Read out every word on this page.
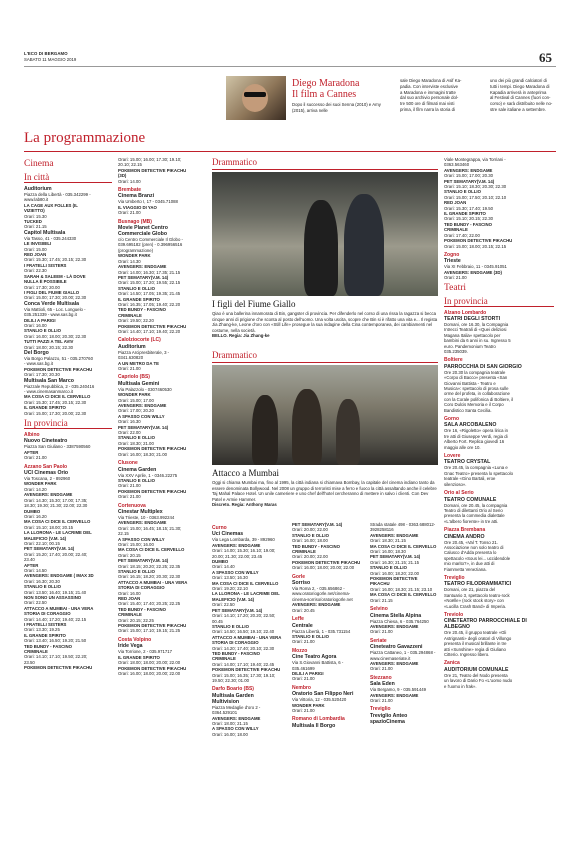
L'ECO DI BERGAMO
SABATO 11 MAGGIO 2019	65
Diego Maradona
Il film a Cannes
Dopo il successo dei suoi Senna (2010) e Amy (2015), arriva nelle
sale Diego Maradona di Asif Ka-
padia. Con interviste esclusive
a Maradona e immagini tratte
dal suo archivio personale dol-
tre 500 ore di filmati mai visti
prima, il film narra la storia di
uno dei più grandi calciatori di
tutti i tempi. Diego Maradona di
Kapadia arriverà in anteprima
al Festival di Cannes (fuori con-
corso) e sarà distribuito nelle no-
stre sale italiane a settembre.
La programmazione
Cinema
In città
Auditorium
Piazza della Libertà - 035.342299 -
www.lab80.it
LA CAGE AUX FOLLES (IL
VIZIETTO)
Orari: 15.30
TUCKED
Orari: 21.15
Capitol Multisala
Via Tasso, 41 - 035.244330
LE INVISIBILI
Orari: 15.00
RED JOAN
Orari: 15.30; 17.45; 20.15; 22.30
I FRATELLI SISTERS
Orari: 22.30
SARAH & SALEEM - LÀ DOVE
NULLA È POSSIBILE
Orari: 17.30; 20.00
I FIGLI DEL FIUME GIALLO
Orari: 15.00; 17.30; 20.00; 22.30
Conca Verde Multisala
Via Mattioli, 65 - Loc. Longuelo -
035.251339 - www.sas.bg.it
DILILI A PARIGI
Orari: 16.00
STANLIO E OLLIO
Orari: 16.00; 18.00; 20.30; 22.30
TUTTI PAZZI A TEL AVIV
Orari: 18.00; 20.15; 22.30
Del Borgo
Via Borgo Palazzo, 51 - 035.270760
- www.sas.bg.it
POKEMON DETECTIVE PIKACHU
Orari: 17.30; 20.30
Multisala San Marco
Piazzale Repubblica, 2 - 035.240416
- www.cinemasanmarco.it
MA COSA CI DICE IL CERVELLO
Orari: 15.30; 17.45; 20.15; 22.30
IL GRANDE SPIRITO
Orari: 15.00; 17.30; 20.00; 22.30
In provincia
Albino
Nuovo Cineteatro
Piazza San Giuliano - 3387590560
AFTER
Orari: 21.00
Azzano San Paolo
UCI Cinemas Orio
Via Toscana, 2 - 892960
WONDER PARK
Orari: 14.20
AVENGERS: ENDGAME
Orari: 14.30; 15.30; 17.00; 17.35;
18.30; 19.30; 21.30; 22.00; 22.30
DUMBO
Orari: 16.20
MA COSA CI DICE IL CERVELLO
Orari: 15.10; 18.00; 20.15
LA LLORONA - LE LACRIME DEL
MALEFICIO (V.M. 14)
Orari: 22.10; 00.15
PET SEMATARY(V.M. 14)
Orari: 15.20; 17.40; 20.00; 22.40;
23.40
AFTER
Orari: 14.50
AVENGERS: ENDGAME ( IMAX 3D
Orari: 16.30; 20.30
STANLIO E OLLIO
Orari: 13.50; 16.40; 19.15; 21.40
NON SONO UN ASSASSINO
Orari: 22.50
ATTACCO A MUMBAI - UNA VERA
STORIA DI CORAGGIO
Orari: 14.40; 17.20; 19.40; 22.15
I FRATELLI SISTERS
Orari: 13.30; 19.25
IL GRANDE SPIRITO
Orari: 13.40; 16.50; 19.20; 21.50
TED BUNDY - FASCINO
CRIMINALE
Orari: 14.10; 17.10; 19.50; 22.20;
23.50
POKEMON DETECTIVE PIKACHU
Orari: 15.00; 16.00; 17.30; 19.10;
20.10; 22.15
POKEMON DETECTIVE PIKACHU
(3D)
Orari: 14.00
Brembate
Cinema Branzi
Via Umberto I, 17 - 0345.71088
IL VIAGGIO DI YAO
Orari: 21.00
Busnago (MB)
Movie Planet Centro
Commerciale Globo
c/o Centro Commerciale Il Globo -
039.695182 (pren) - 0.396956516
(programmazione)
WONDER PARK
Orari: 14.30
AVENGERS: ENDGAME
Orari: 14.00; 16.30; 17.35; 21.15
PET SEMATARY(V.M. 14)
Orari: 15.00; 17.20; 19.55; 22.15
STANLIO E OLLIO
Orari: 14.50; 17.05; 19.35; 21.45
IL GRANDE SPIRITO
Orari: 16.35; 17.05; 19.40; 22.20
TED BUNDY - FASCINO
CRIMINALE
Orari: 19.50; 22.20
POKEMON DETECTIVE PIKACHU
Orari: 14.40; 17.10; 19.40; 22.20
Calolziocorte (LC)
Auditorium
Piazza Arcipresbiterale, 3 -
0341.630820
A UN METRO DA TE
Orari: 21.00
Capriolo (BS)
Multisala Gemini
Via Palazzolo - 0307460530
WONDER PARK
Orari: 15.00; 17.00
AVENGERS: ENDGAME
Orari: 17.00; 20.20
A SPASSO CON WILLY
Orari: 16.30
PET SEMATARY(V.M. 14)
Orari: 22.00
STANLIO E OLLIO
Orari: 18.30; 21.00
POKEMON DETECTIVE PIKACHU
Orari: 16.00; 18.30; 21.00
Clusone
Cinema Garden
Via XXV Aprile, 1 - 0346.22275
STANLIO E OLLIO
Orari: 21.00
POKEMON DETECTIVE PIKACHU
Orari: 21.00
Cortenuova
Cinestar Multiplex
Via Trieste, 10 - 0363.992244
AVENGERS: ENDGAME
Orari: 15.00; 16.45; 18.15; 21.30;
22.15
A SPASSO CON WILLY
Orari: 15.00; 16.00
MA COSA CI DICE IL CERVELLO
Orari: 20.15
PET SEMATARY(V.M. 14)
Orari: 18.15; 20.20; 22.25; 22.35
STANLIO E OLLIO
Orari: 16.15; 18.20; 20.30; 22.30
ATTACCO A MUMBAI - UNA VERA
STORIA DI CORAGGIO
Orari: 16.00
RED JOAN
Orari: 15.40; 17.40; 20.25; 22.25
TED BUNDY - FASCINO
CRIMINALE
Orari: 20.15; 22.25
POKEMON DETECTIVE PIKACHU
Orari: 15.00; 17.10; 19.15; 21.25
Costa Volpino
Iride Vega
Via Torrione, 2 - 035.971717
IL GRANDE SPIRITO
Orari: 18.00; 18.00; 20.00; 22.00
POKEMON DETECTIVE PIKACHU
Orari: 16.00; 18.00; 20.00; 22.00
Drammatico
I figli del Fiume Giallo
Qiao è una ballerina innamorata di Bin, gangster di provincia. Per difenderlo nel corso di una rissa la ragazza si becca cinque anni di prigione che sconta al posto dell'uomo. Una volta uscita, scopre che Bin si è rifatto una vita e... Il regista Jia Zhang-ke, Leone d'oro con «Still Life» prosegue la sua indagine della Cina contemporanea, dei cambiamenti nel costume, nella società.
BELLO. Regia: Jia Zhang-ke
Drammatico
Attacco a Mumbai
Oggi si chiama Mumbai ma, fino al 1995, la città indiana si chiamava Bombay, la capitale del cinema indiano tanto da essere denominata Bollywood. Nel 2008 un gruppo di terroristi mise a ferro e fuoco la città assaltando anche il celebre Taj Mahal Palace Hotel. Un unile cameriere e uno chef dell'hotel cercheranno di mettere in salvo i clienti. Con Dev Patel e Armie Hammer.
Discreto. Regia: Anthony Maras
Curno
Uci Cinemas
Via Lega Lombarda, 39 - 892960
AVENGERS: ENDGAME
Orari: 14.00; 15.30; 16.10; 19.00;
20.00; 21.30; 22.00; 23.45
DUMBO
Orari: 14.40
A SPASSO CON WILLY
Orari: 13.50; 16.30
MA COSA CI DICE IL CERVELLO
Orari: 19.20; 22.10
LA LLORONA - LE LACRIME DEL
MALEFICIO (V.M. 14)
Orari: 22.50
PET SEMATARY(V.M. 14)
Orari: 14.10; 17.20; 20.20; 22.50;
00.45
STANLIO E OLLIO
Orari: 14.50; 16.50; 19.10; 22.40
ATTACCO A MUMBAI - UNA VERA
STORIA DI CORAGGIO
Orari: 14.20; 17.40; 20.10; 22.30
TED BUNDY - FASCINO
CRIMINALE
Orari: 14.00; 17.10; 19.40; 22.45
POKEMON DETECTIVE PIKACHU
Orari: 15.00; 16.35; 17.30; 19.10;
19.50; 22.30; 01.00
Darfo Boario (BS)
Multisala Garden
Multivision
Piazza Medaglie d'oro 2 -
0364.529101
AVENGERS: ENDGAME
Orari: 18.00; 21.15
A SPASSO CON WILLY
Orari: 16.00; 18.00
PET SEMATARY(V.M. 14)
Orari: 20.00; 22.00
STANLIO E OLLIO
Orari: 16.00; 18.00
TED BUNDY - FASCINO
CRIMINALE
Orari: 20.00; 22.00
POKEMON DETECTIVE PIKACHU
Orari: 16.00; 18.00; 20.00; 22.00
Gorle
Sorriso
Via Roma 2, - 035.656862 -
www.oratoriogorle.net/cinema-
cinema-sorriso/oratoriogorle.net
AVENGERS: ENDGAME
Orari: 20.45
Leffe
Centrale
Piazza Libertà, 1 - 035.731154
STANLIO E OLLIO
Orari: 21.00
Mozzo
Cine Teatro Agora
Via S.Giovanni Battista, 6 -
035.461699
DILILI A PARIGI
Orari: 21.00
Nembro
Oratorio San Filippo Neri
Via Vittoria, 12 - 035.520420
WONDER PARK
Orari: 21.00
Romano di Lombardia
Multisala Il Borgo
Strada statale 498 - 0363.688012-
3928258116
AVENGERS: ENDGAME
Orari: 18.30; 21.15
MA COSA CI DICE IL CERVELLO
Orari: 16.00; 18.30
PET SEMATARY(V.M. 14)
Orari: 16.30; 21.15; 21.15
STANLIO E OLLIO
Orari: 16.00; 18.20; 22.00
POKEMON DETECTIVE PIKACHU
Orari: 16.00; 18.30; 21.15; 23.10
MA COSA CI DICE IL CERVELLO
Orari: 21.15
Selvino
Cinema Stella Alpina
Piazza Chiesa, 6 - 035.764250
AVENGERS: ENDGAME
Orari: 21.00
Seriate
Cineteatro Gavazzeni
Piazza Cattaneo, 1 - 035.294868 -
www.cinemaseriate.it
AVENGERS: ENDGAME
Orari: 21.00
Stezzano
Sala Eden
Via Bergamo, 9 - 035.591449
AVENGERS: ENDGAME
Orari: 21.00
Treviglio
Treviglio Anteo
spazioCinema
Viale Montegrappa, via Torriani -
0363.563460
AVENGERS: ENDGAME
Orari: 15.00; 17.00; 20.30
PET SEMATARY(V.M. 14)
Orari: 15.10; 18.30; 20.30; 22.30
STANLIO E OLLIO
Orari: 15.00; 17.50; 20.10; 22.10
RED JOAN
Orari: 15.30; 17.40; 19.50
IL GRANDE SPIRITO
Orari: 15.10; 20.15; 22.30
TED BUNDY - FASCINO
CRIMINALE
Orari: 17.40; 22.00
POKEMON DETECTIVE PIKACHU
Orari: 15.00; 18.00; 20.15; 22.15
Zogno
Trieste
Via XI Febbraio, 11 - 0345.91051
AVENGERS: ENDGAME (3D)
Orari: 21.00
Teatri
In provincia
Alzano Lombardo
TEATRI DEGLI STORTI
Domani, ore 16.30, la Compagnia
Intrecci Teatrali di «Quei deliziosi
Magana Italia» spettacolo per
bambini da 6 anni in su. Ingresso 5
euro. Pandemonium Teatro
035.235039.
Boltiere
PARROCCHIA DI SAN GIORGIO
Ore 20.30 la compagnia teatrale
«Corpo di Bacco» presenta «San
Giovanni Battista - Teatro e
Musica»: spettacolo di prosa sulle
orme del profeta, in collaborazione
con la Corale polifonica di Boltiere, il
Coro Dulcis Memoria e il Corpo
Bandistico Santa Cecilia.
Gorno
SALA ARCOBALENO
Ore 16, «Rigoletto» opera lirica in
tre atti di Giuseppe Verdi, regia di
Alberto Fort. Replica giovedì 16
maggio alle ore 10.
Lovere
TEATRO CRYSTAL
Ore 20.45, la compagnia «Luna e
Gnac Teatro» presenta lo spettacolo
teatrale «Gino Bartali, eroe
silenzioso».
Orio al Serio
TEATRO COMUNALE
Domani, ore 20.45, la compagnia
Teatro di dilettanti Orio al Serio
presenta la commedia dialettale
«L'albero fiorente» in tre atti.
Piazza Brembana
CINEMA ANDRO
Ore 20.45, «Val T. Tonso 21.
Associazione non solo teatro di
Calusco d'Adda presenta lo
spettacolo «Sous lei... uccidendole
mio marito?», in due atti di
Fiammetta Veneziana.
Treviglio
TEATRO FILODRAMMATICI
Domani, ore 21, piazza del
Santuario 3, spettacolo teatro-rock
«Noëlle» (rock stock story» con
«Lucilla Crash Band» di Imperia.
Treviolo
CINETEATRO PARROCCHIALE DI
ALBEGNO
Ore 20.45, il gruppo teatrale «Gli
Astrignanti» degli oratori di Villongo
presenta il musical brillante in tre
atti «Sunshine» regia di Giuliano
Citterio. Ingresso libero.
Zanica
AUDITORIUM COMUNALE
Ore 21, Teatro del Nodo presenta
un lavoro di Dario Fo «L'uomo nudo
e l'uomo in frak».
